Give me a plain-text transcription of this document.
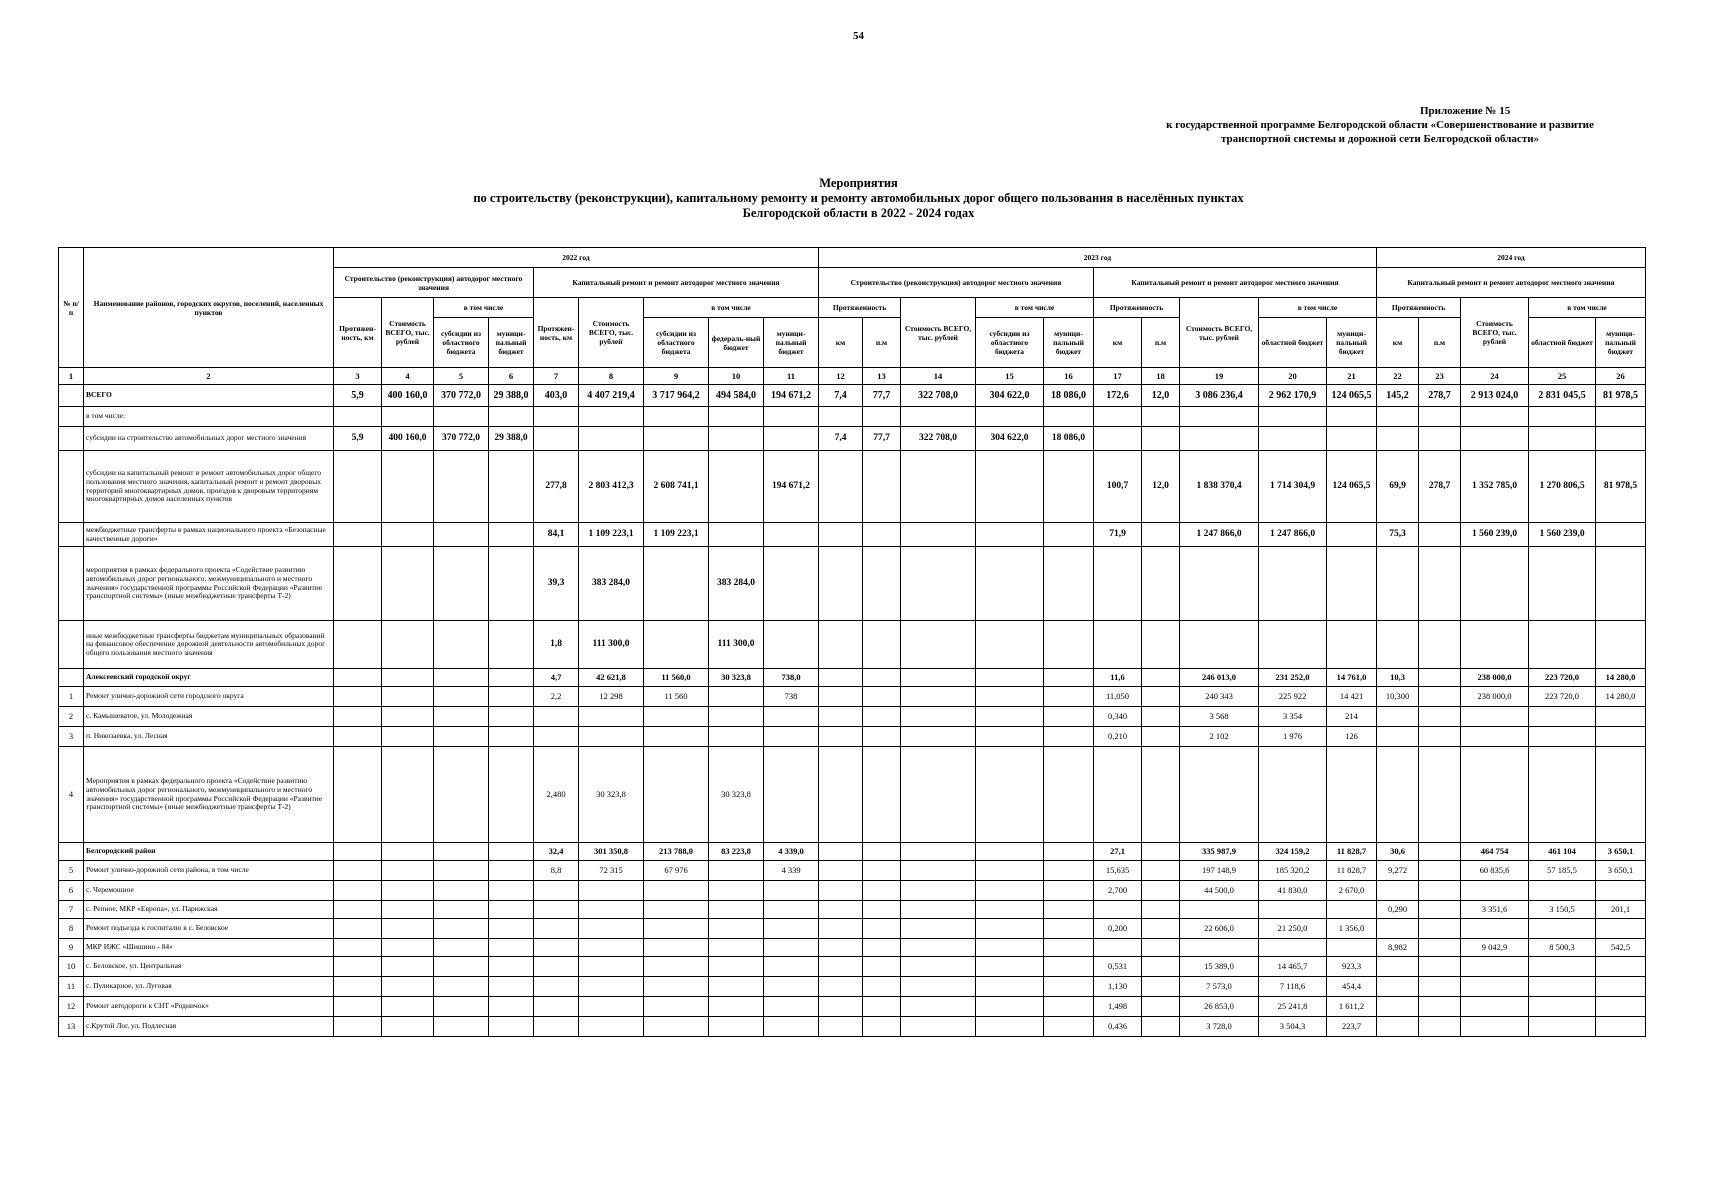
54
Приложение № 15
к государственной программе Белгородской области «Совершенствование и развитие
транспортной системы и дорожной сети Белгородской области»
Мероприятия
по строительству (реконструкции), капитальному ремонту и ремонту автомобильных дорог общего пользования в населённых пунктах
Белгородской области в 2022 - 2024 годах
№ п/п	Наименование районов, городских округов, поселений, населенных пунктов	2022 год									2023 год										2024 год				
		Строительство (реконструкция) автодорог местного значения				Капитальный ремонт и ремонт автодорог местного значения					Строительство (реконструкция) автодорог местного значения					Капитальный ремонт и ремонт автодорог местного значения					Капитальный ремонт и ремонт автодорог местного значения				
		Протяжен-ность, км	Стоимость ВСЕГО, тыс. рублей	в том числе		Протяжен-ность, км	Стоимость ВСЕГО, тыс. рублей	в том числе			Протяженность		Стоимость ВСЕГО, тыс. рублей	в том числе		Протяженность		Стоимость ВСЕГО, тыс. рублей	в том числе		Протяженность		Стоимость ВСЕГО, тыс. рублей	в том числе	
				субсидии из областного бюджета	муници-пальный бюджет			субсидии из областного бюджета	федераль-ный бюджет	муници-пальный бюджет	км	п.м		субсидии из областного бюджета	муници-пальный бюджет	км	п.м		областной бюджет	муници-пальный бюджет	км	п.м		областной бюджет	муници-пальный бюджет
1	2	3	4	5	6	7	8	9	10	11	12	13	14	15	16	17	18	19	20	21	22	23	24	25	26
	ВСЕГО	5,9	400 160,0	370 772,0	29 388,0	403,0	4 407 219,4	3 717 964,2	494 584,0	194 671,2	7,4	77,7	322 708,0	304 622,0	18 086,0	172,6	12,0	3 086 236,4	2 962 170,9	124 065,5	145,2	278,7	2 913 024,0	2 831 045,5	81 978,5
	в том числе:																								
	субсидии на строительство автомобильных дорог местного значения	5,9	400 160,0	370 772,0	29 388,0						7,4	77,7	322 708,0	304 622,0	18 086,0										
	субсидии на капитальный ремонт и ремонт автомобильных дорог общего пользования местного значения, капитальный ремонт и ремонт дворовых территорий многоквартирных домов, проездов к дворовым территориям многоквартирных домов населенных пунктов					277,8	2 803 412,3	2 608 741,1		194 671,2						100,7	12,0	1 838 370,4	1 714 304,9	124 065,5	69,9	278,7	1 352 785,0	1 270 806,5	81 978,5
	межбюджетные трансферты в рамках национального проекта «Безопасные качественные дороги»					84,1	1 109 223,1	1 109 223,1								71,9		1 247 866,0	1 247 866,0		75,3		1 560 239,0	1 560 239,0	
	мероприятия в рамках федерального проекта «Содействие развитию автомобильных дорог регионального, межмуниципального и местного значения» государственной программы Российской Федерации «Развитие транспортной системы» (иные межбюджетные трансферты Т-2)					39,3	383 284,0		383 284,0																
	иные межбюджетные трансферты бюджетам муниципальных образований на финансовое обеспечение дорожной деятельности автомобильных дорог общего пользования местного значения					1,8	111 300,0		111 300,0																
	Алексеевский городской округ					4,7	42 621,8	11 560,0	30 323,8	738,0						11,6		246 013,0	231 252,0	14 761,0	10,3		238 000,0	223 720,0	14 280,0
1	Ремонт улично-дорожной сети городского округа					2,2	12 298	11 560		738						11,050		240 343	225 922	14 421	10,300		238 000,0	223 720,0	14 280,0
2	с. Камышеватое, ул. Молодежная															0,340		3 568	3 354	214					
3	п. Никозаевка, ул. Лесная															0,210		2 102	1 976	126					
4	Мероприятия в рамках федерального проекта «Содействие развитию автомобильных дорог регионального, межмуниципального и местного значения» государственной программы Российской Федерации «Развитие транспортной системы» (иные межбюджетные трансферты Т-2)					2,480	30 323,8		30 323,8																
	Белгородский район					32,4	301 350,8	213 788,0	83 223,8	4 339,0						27,1		335 987,9	324 159,2	11 828,7	30,6		464 754	461 104	3 650,1
5	Ремонт улично-дорожной сети района, в том числе					8,8	72 315	67 976		4 339						15,635		197 148,9	185 320,2	11 828,7	9,272		60 835,6	57 185,5	3 650,1
6	с. Черемошное															2,700		44 500,0	41 830,0	2 670,0					
7	с. Репное, МКР «Европа», ул. Парижская																				0,290		3 351,6	3 150,5	201,1
8	Ремонт подъезда к госпиталю в с. Беловское															0,200		22 606,0	21 250,0	1 356,0					
9	МКР ИЖС «Шишино - 84»																				8,982		9 042,9	8 500,3	542,5
10	с. Беловское, ул. Центральная															0,531		15 389,0	14 465,7	923,3					
11	с. Пуликарное, ул. Луговая															1,130		7 573,0	7 118,6	454,4					
12	Ремонт автодороги к СНТ «Родничок»															1,498		26 853,0	25 241,8	1 611,2					
13	с.Крутой Лог, ул. Подлесная															0,436		3 728,0	3 504,3	223,7					
